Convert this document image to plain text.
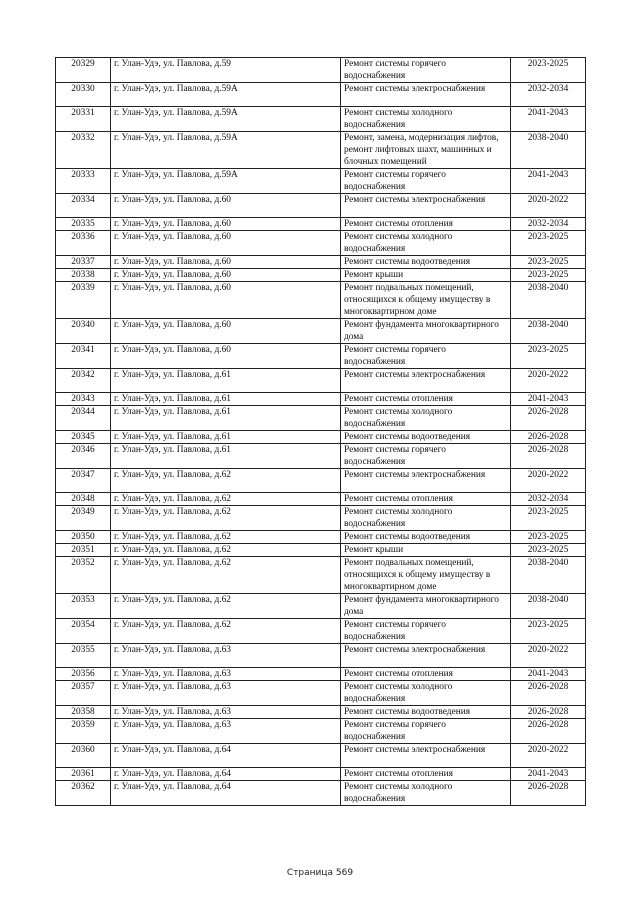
20329	г. Улан-Удэ, ул. Павлова, д.59	Ремонт системы горячего водоснабжения	2023-2025
20330	г. Улан-Удэ, ул. Павлова, д.59А	Ремонт системы электроснабжения	2032-2034
20331	г. Улан-Удэ, ул. Павлова, д.59А	Ремонт системы холодного водоснабжения	2041-2043
20332	г. Улан-Удэ, ул. Павлова, д.59А	Ремонт, замена, модернизация лифтов, ремонт лифтовых шахт, машинных и блочных помещений	2038-2040
20333	г. Улан-Удэ, ул. Павлова, д.59А	Ремонт системы горячего водоснабжения	2041-2043
20334	г. Улан-Удэ, ул. Павлова, д.60	Ремонт системы электроснабжения	2020-2022
20335	г. Улан-Удэ, ул. Павлова, д.60	Ремонт системы отопления	2032-2034
20336	г. Улан-Удэ, ул. Павлова, д.60	Ремонт системы холодного водоснабжения	2023-2025
20337	г. Улан-Удэ, ул. Павлова, д.60	Ремонт системы водоотведения	2023-2025
20338	г. Улан-Удэ, ул. Павлова, д.60	Ремонт крыши	2023-2025
20339	г. Улан-Удэ, ул. Павлова, д.60	Ремонт подвальных помещений, относящихся к общему имуществу в многоквартирном доме	2038-2040
20340	г. Улан-Удэ, ул. Павлова, д.60	Ремонт фундамента многоквартирного дома	2038-2040
20341	г. Улан-Удэ, ул. Павлова, д.60	Ремонт системы горячего водоснабжения	2023-2025
20342	г. Улан-Удэ, ул. Павлова, д.61	Ремонт системы электроснабжения	2020-2022
20343	г. Улан-Удэ, ул. Павлова, д.61	Ремонт системы отопления	2041-2043
20344	г. Улан-Удэ, ул. Павлова, д.61	Ремонт системы холодного водоснабжения	2026-2028
20345	г. Улан-Удэ, ул. Павлова, д.61	Ремонт системы водоотведения	2026-2028
20346	г. Улан-Удэ, ул. Павлова, д.61	Ремонт системы горячего водоснабжения	2026-2028
20347	г. Улан-Удэ, ул. Павлова, д.62	Ремонт системы электроснабжения	2020-2022
20348	г. Улан-Удэ, ул. Павлова, д.62	Ремонт системы отопления	2032-2034
20349	г. Улан-Удэ, ул. Павлова, д.62	Ремонт системы холодного водоснабжения	2023-2025
20350	г. Улан-Удэ, ул. Павлова, д.62	Ремонт системы водоотведения	2023-2025
20351	г. Улан-Удэ, ул. Павлова, д.62	Ремонт крыши	2023-2025
20352	г. Улан-Удэ, ул. Павлова, д.62	Ремонт подвальных помещений, относящихся к общему имуществу в многоквартирном доме	2038-2040
20353	г. Улан-Удэ, ул. Павлова, д.62	Ремонт фундамента многоквартирного дома	2038-2040
20354	г. Улан-Удэ, ул. Павлова, д.62	Ремонт системы горячего водоснабжения	2023-2025
20355	г. Улан-Удэ, ул. Павлова, д.63	Ремонт системы электроснабжения	2020-2022
20356	г. Улан-Удэ, ул. Павлова, д.63	Ремонт системы отопления	2041-2043
20357	г. Улан-Удэ, ул. Павлова, д.63	Ремонт системы холодного водоснабжения	2026-2028
20358	г. Улан-Удэ, ул. Павлова, д.63	Ремонт системы водоотведения	2026-2028
20359	г. Улан-Удэ, ул. Павлова, д.63	Ремонт системы горячего водоснабжения	2026-2028
20360	г. Улан-Удэ, ул. Павлова, д.64	Ремонт системы электроснабжения	2020-2022
20361	г. Улан-Удэ, ул. Павлова, д.64	Ремонт системы отопления	2041-2043
20362	г. Улан-Удэ, ул. Павлова, д.64	Ремонт системы холодного водоснабжения	2026-2028
Страница 569
